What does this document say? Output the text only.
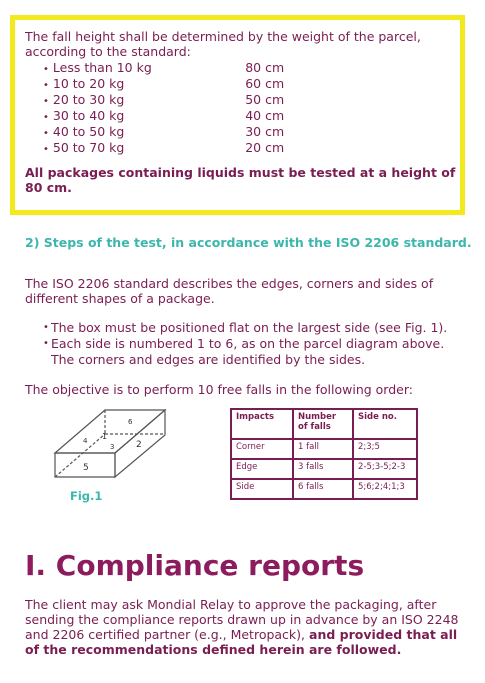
The fall height shall be determined by the weight of the parcel, according to the standard:

• Less than 10 kg	80 cm
• 10 to 20 kg	60 cm
• 20 to 30 kg	50 cm
• 30 to 40 kg	40 cm
• 40 to 50 kg	30 cm
• 50 to 70 kg	20 cm

All packages containing liquids must be tested at a height of 80 cm.

2) Steps of the test, in accordance with the ISO 2206 standard.

The ISO 2206 standard describes the edges, corners and sides of different shapes of a package.

• The box must be positioned flat on the largest side (see Fig. 1).
• Each side is numbered 1 to 6, as on the parcel diagram above.
The corners and edges are identified by the sides.

The objective is to perform 10 free falls in the following order:

6
4 1
3 2
5
Fig.1
Impacts	Number of falls	Side no.
Corner	1 fall	2;3;5
Edge	3 falls	2-5;3-5;2-3
Side	6 falls	5;6;2;4;1;3
I. Compliance reports

The client may ask Mondial Relay to approve the packaging, after sending the compliance reports drawn up in advance by an ISO 2248 and 2206 certified partner (e.g., Metropack), and provided that all of the recommendations defined herein are followed.
